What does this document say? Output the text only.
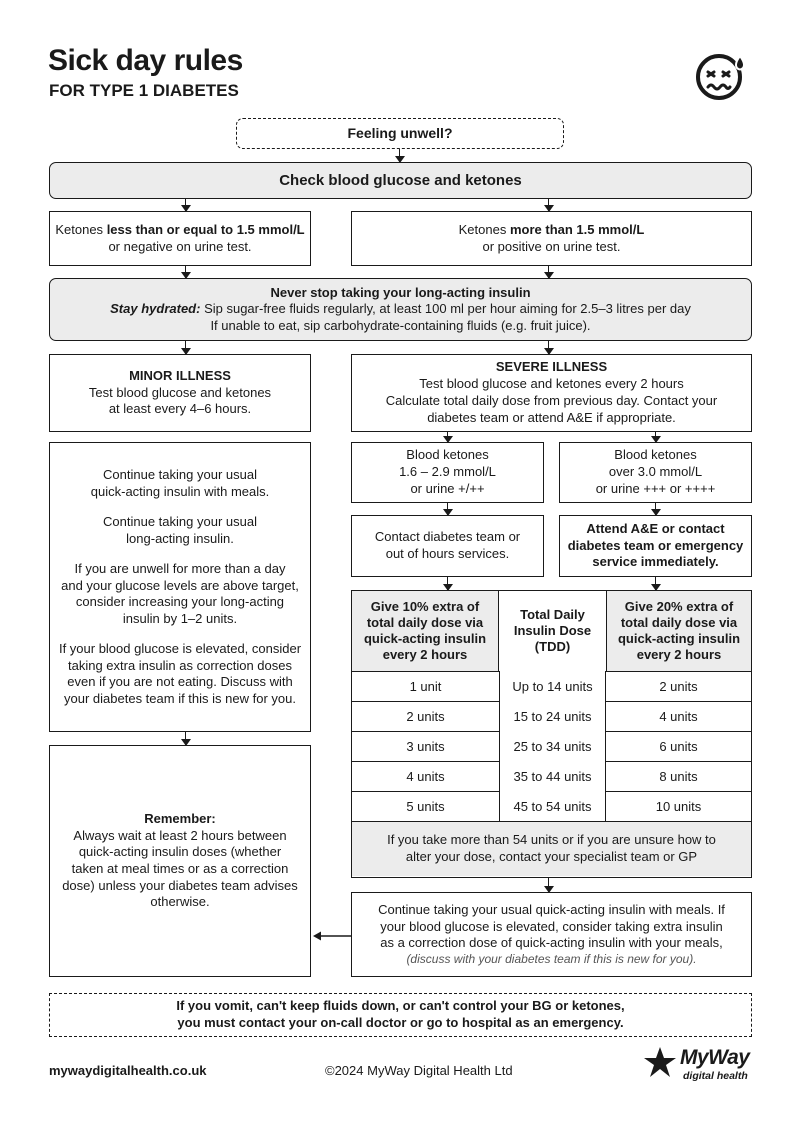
Sick day rules
FOR TYPE 1 DIABETES
Feeling unwell?
Check blood glucose and ketones
Ketones less than or equal to 1.5 mmol/L
or negative on urine test.
Ketones more than 1.5 mmol/L
or positive on urine test.
Never stop taking your long-acting insulin
Stay hydrated: Sip sugar-free fluids regularly, at least 100 ml per hour aiming for 2.5–3 litres per day
If unable to eat, sip carbohydrate-containing fluids (e.g. fruit juice).
MINOR ILLNESS
Test blood glucose and ketones
at least every 4–6 hours.
Continue taking your usual
quick-acting insulin with meals.
Continue taking your usual
long-acting insulin.
If you are unwell for more than a day
and your glucose levels are above target,
consider increasing your long-acting
insulin by 1–2 units.
If your blood glucose is elevated, consider
taking extra insulin as correction doses
even if you are not eating. Discuss with
your diabetes team if this is new for you.
Remember:
Always wait at least 2 hours between
quick-acting insulin doses (whether
taken at meal times or as a correction
dose) unless your diabetes team advises
otherwise.
SEVERE ILLNESS
Test blood glucose and ketones every 2 hours
Calculate total daily dose from previous day. Contact your
diabetes team or attend A&E if appropriate.
Blood ketones
1.6 – 2.9 mmol/L
or urine +/++
Blood ketones
over 3.0 mmol/L
or urine +++ or ++++
Contact diabetes team or
out of hours services.
Attend A&E or contact
diabetes team or emergency
service immediately.
Give 10% extra of
total daily dose via
quick-acting insulin
every 2 hours
Total Daily
Insulin Dose
(TDD)
Give 20% extra of
total daily dose via
quick-acting insulin
every 2 hours
1 unit	Up to 14 units	2 units
2 units	15 to 24 units	4 units
3 units	25 to 34 units	6 units
4 units	35 to 44 units	8 units
5 units	45 to 54 units	10 units
If you take more than 54 units or if you are unsure how to
alter your dose, contact your specialist team or GP
Continue taking your usual quick-acting insulin with meals. If
your blood glucose is elevated, consider taking extra insulin
as a correction dose of quick-acting insulin with your meals,
(discuss with your diabetes team if this is new for you).
If you vomit, can't keep fluids down, or can't control your BG or ketones,
you must contact your on-call doctor or go to hospital as an emergency.
mywaydigitalhealth.co.uk	©2024 MyWay Digital Health Ltd
MyWay
digital health
